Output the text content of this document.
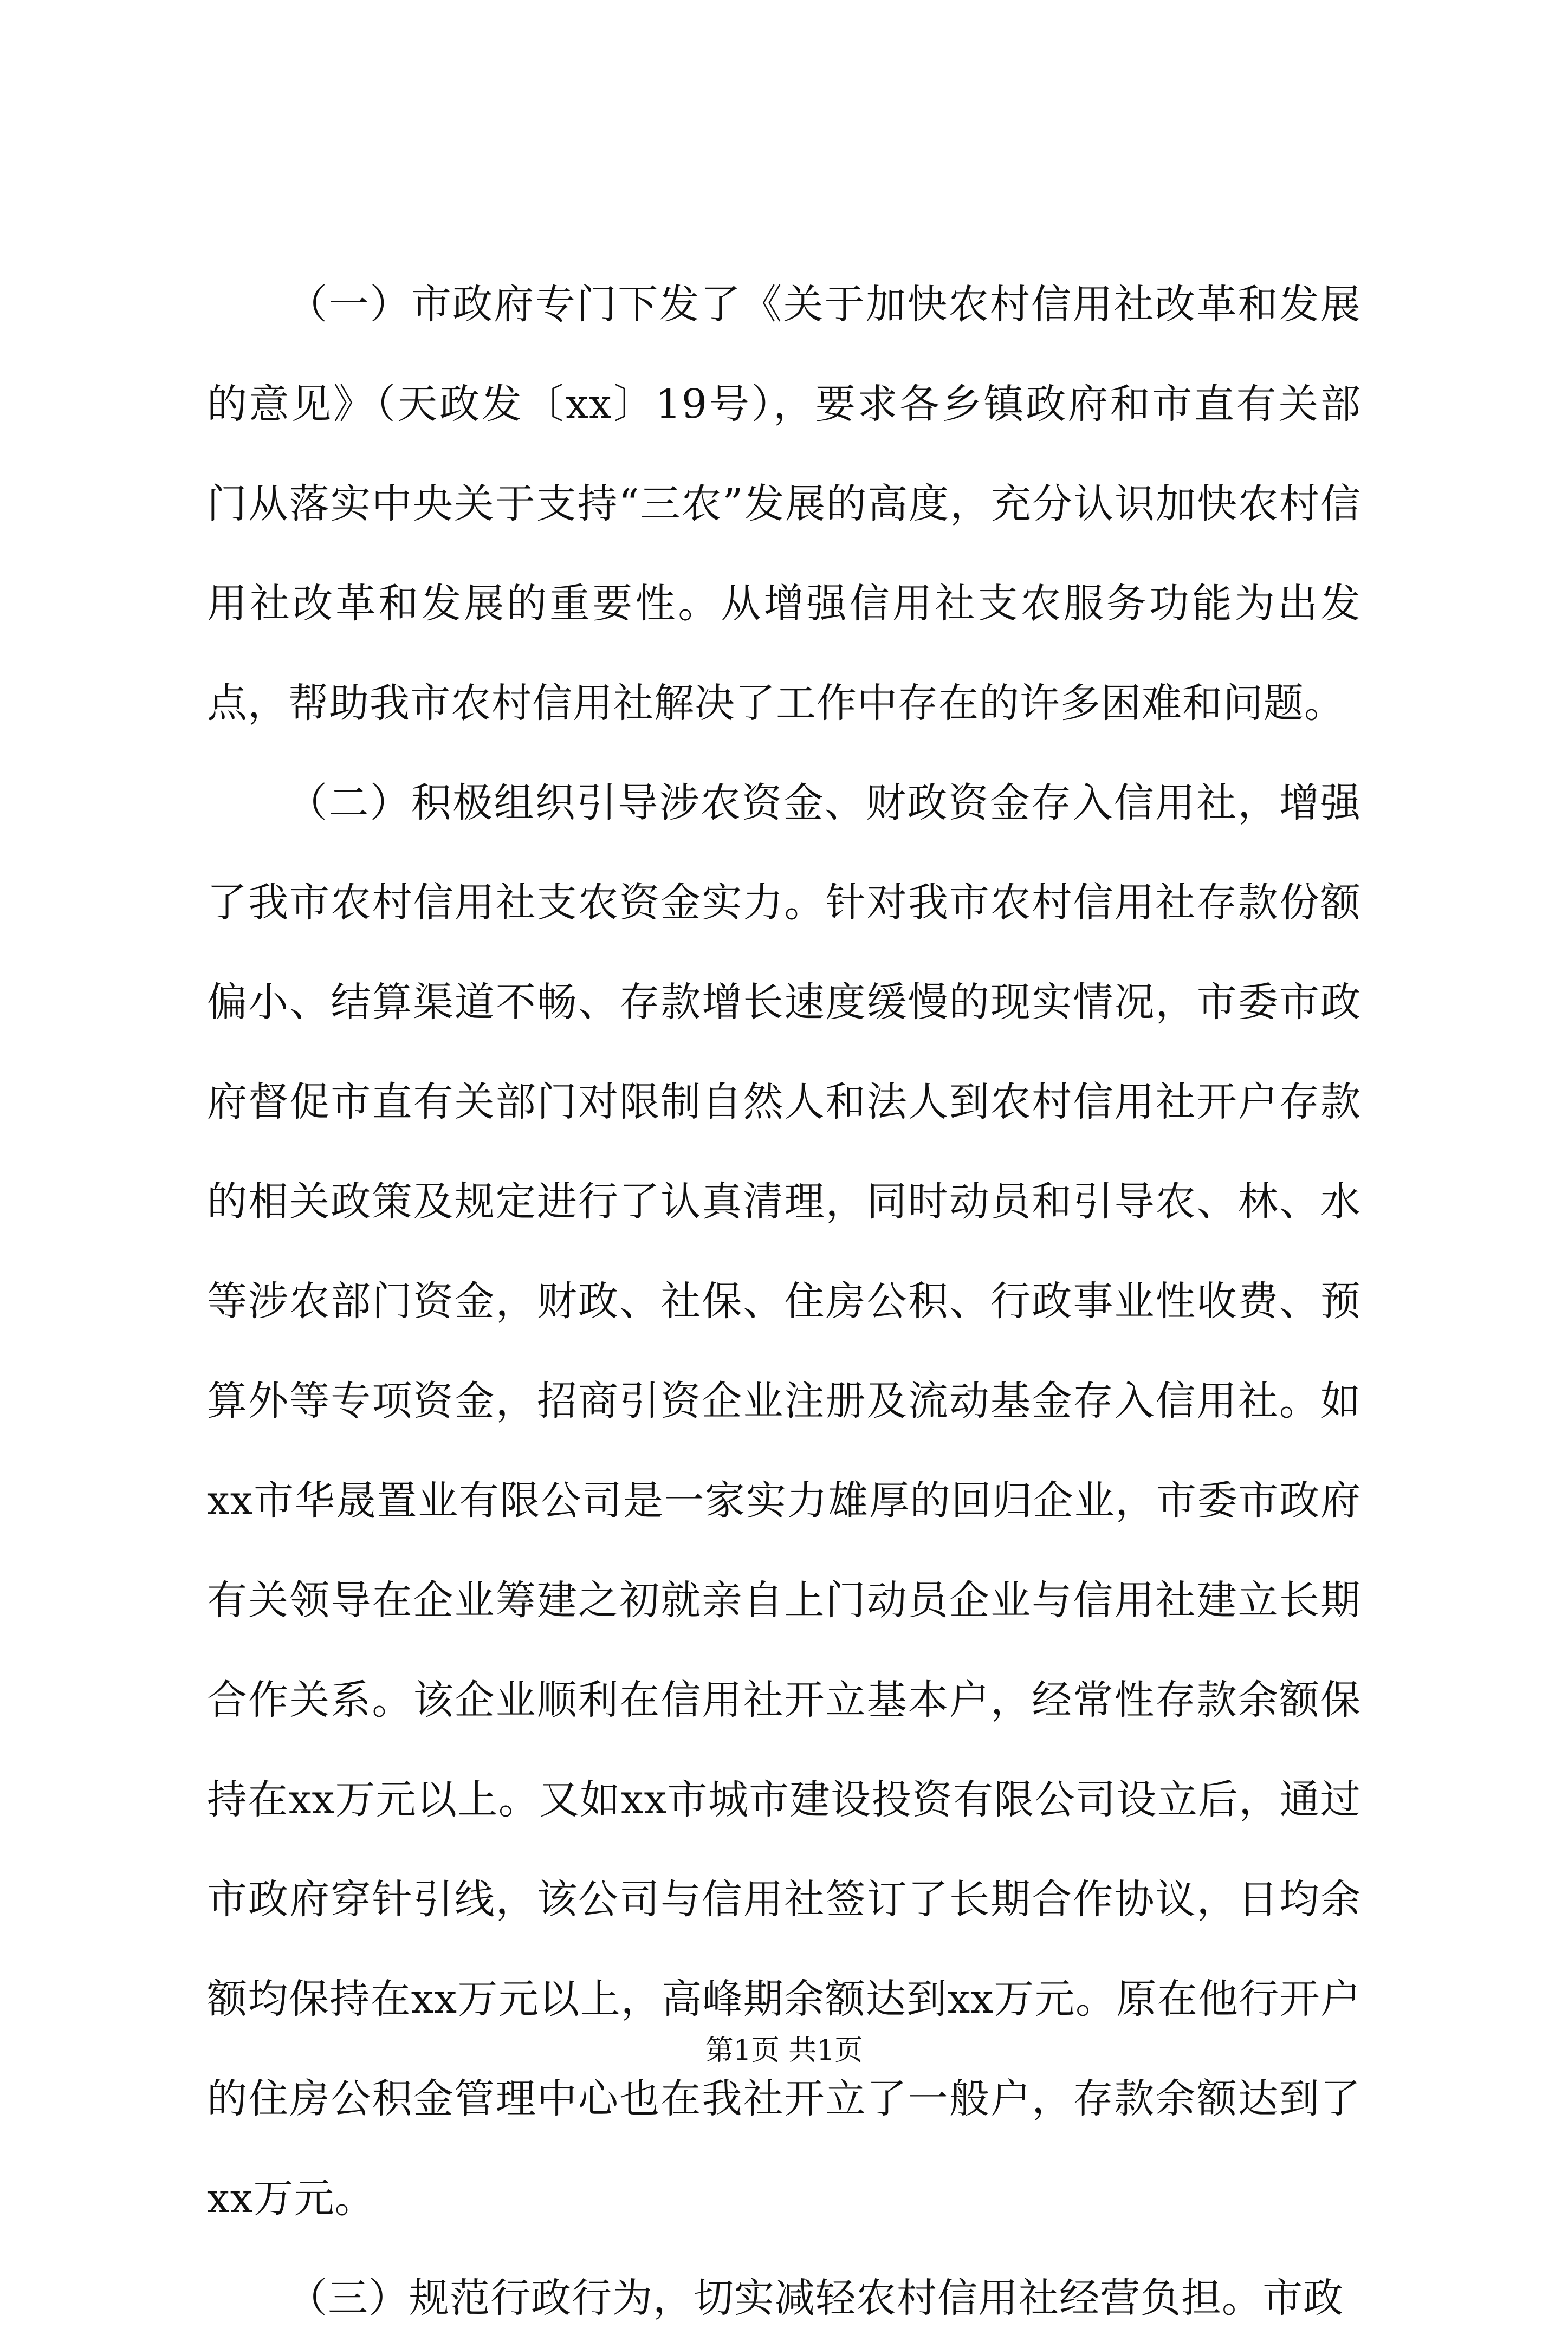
（一）市政府专门下发了《关于加快农村信用社改革和发展的意见》（天政发〔xx〕19号），要求各乡镇政府和市直有关部门从落实中央关于支持“三农”发展的高度，充分认识加快农村信用社改革和发展的重要性。从增强信用社支农服务功能为出发点，帮助我市农村信用社解决了工作中存在的许多困难和问题。

（二）积极组织引导涉农资金、财政资金存入信用社，增强了我市农村信用社支农资金实力。针对我市农村信用社存款份额偏小、结算渠道不畅、存款增长速度缓慢的现实情况，市委市政府督促市直有关部门对限制自然人和法人到农村信用社开户存款的相关政策及规定进行了认真清理，同时动员和引导农、林、水等涉农部门资金，财政、社保、住房公积、行政事业性收费、预算外等专项资金，招商引资企业注册及流动基金存入信用社。如xx市华晟置业有限公司是一家实力雄厚的回归企业，市委市政府有关领导在企业筹建之初就亲自上门动员企业与信用社建立长期合作关系。该企业顺利在信用社开立基本户，经常性存款余额保持在xx万元以上。又如xx市城市建设投资有限公司设立后，通过市政府穿针引线，该公司与信用社签订了长期合作协议，日均余额均保持在xx万元以上，高峰期余额达到xx万元。原在他行开户的住房公积金管理中心也在我社开立了一般户，存款余额达到了xx万元。

（三）规范行政行为，切实减轻农村信用社经营负担。市政

第1页 共1页
